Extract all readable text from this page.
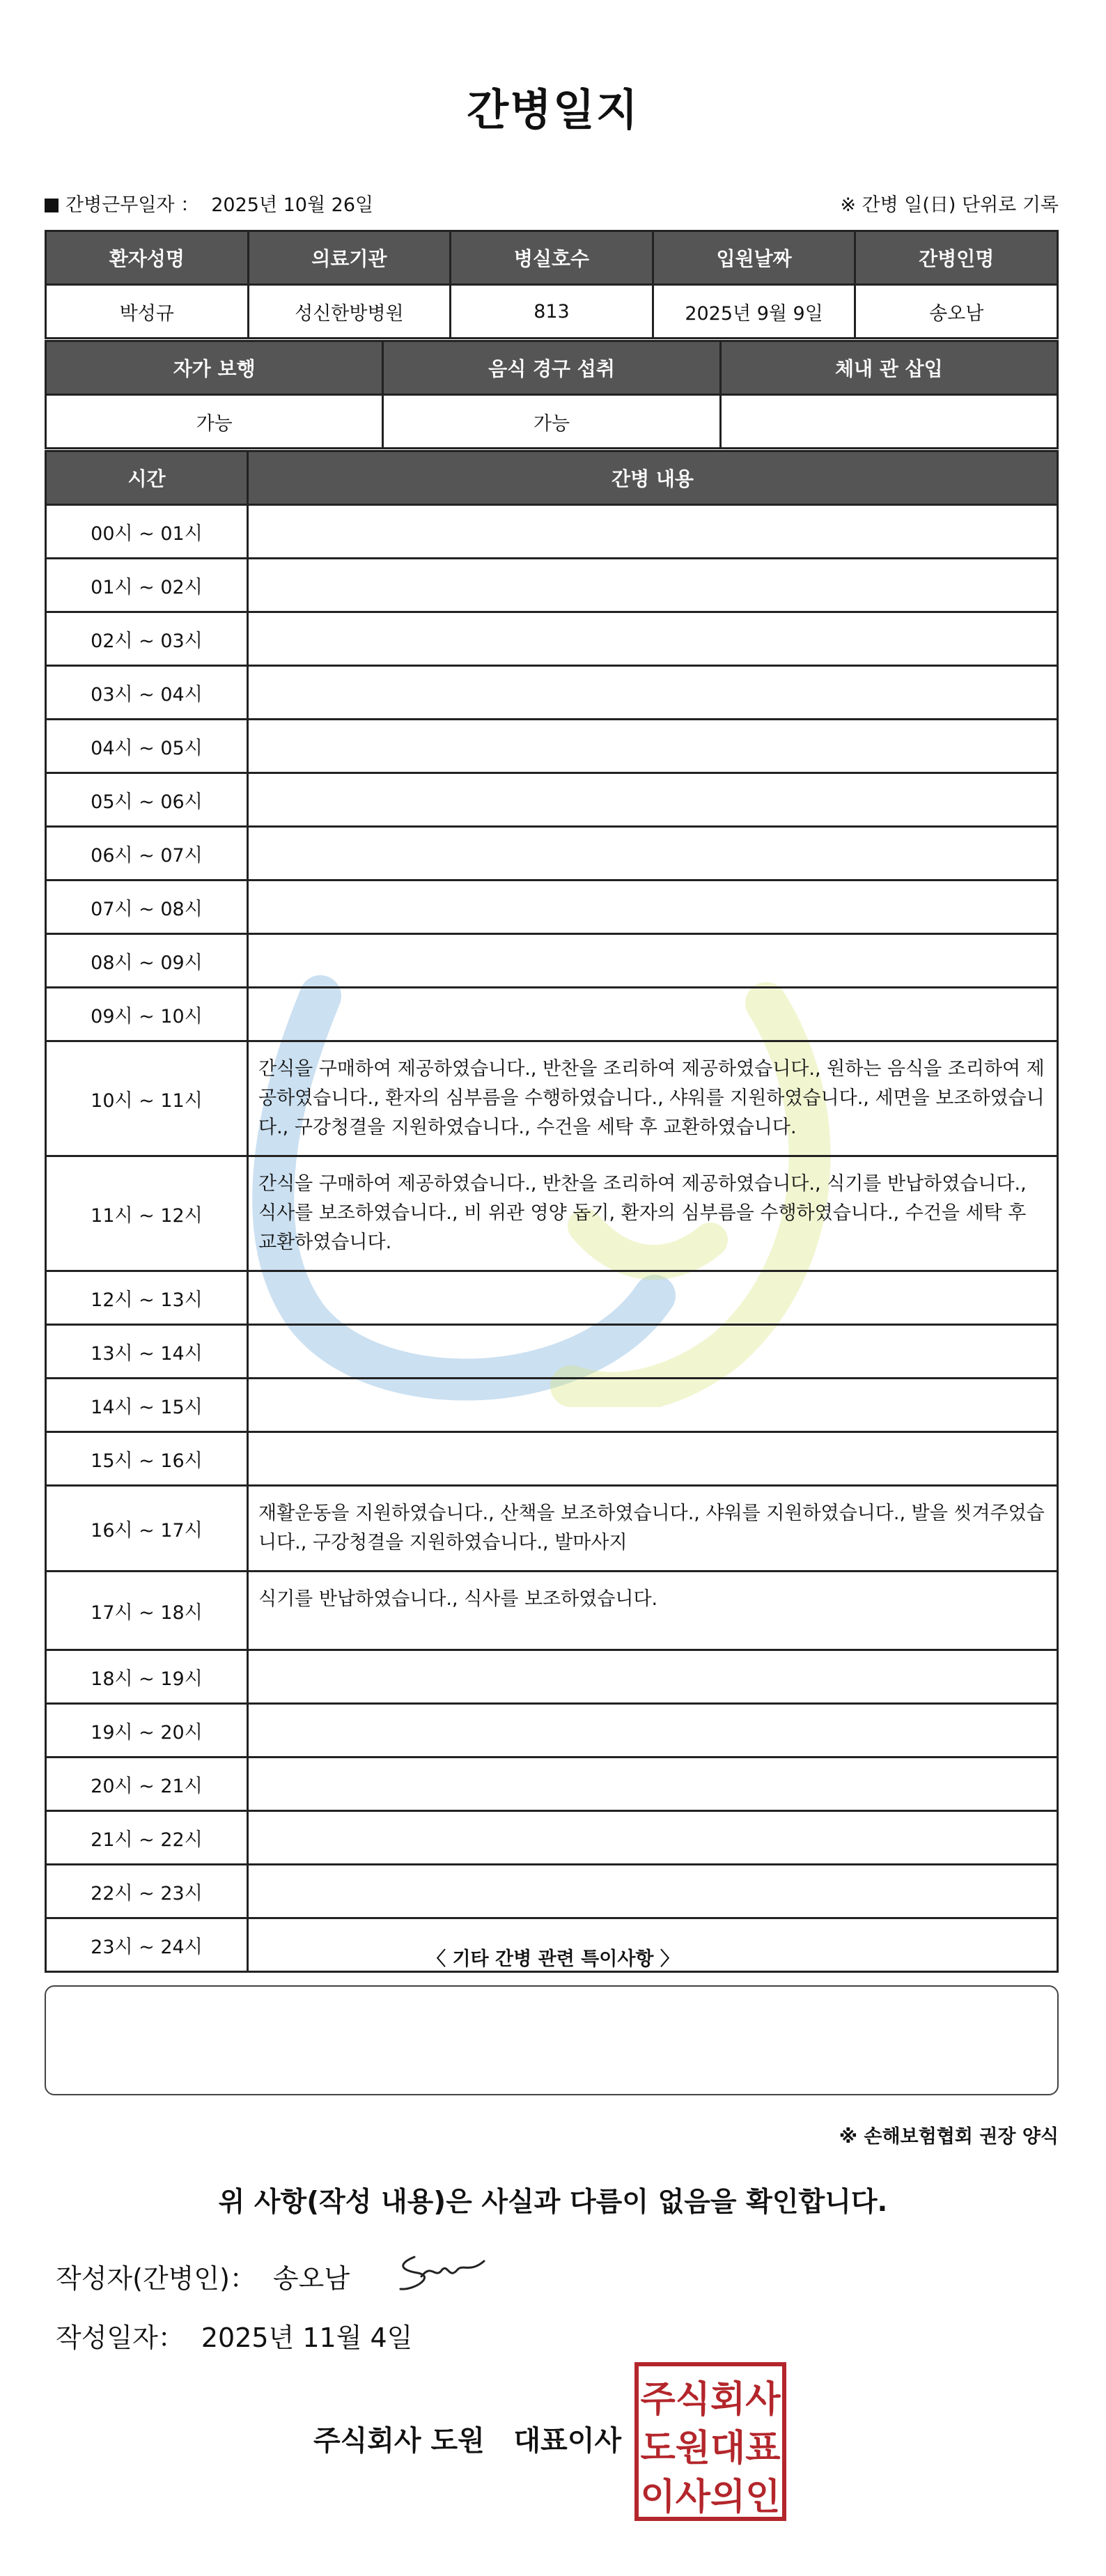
간병일지
간병근무일자 ： 2025년 10월 26일	※ 간병 일(日) 단위로 기록
환자성명	의료기관	병실호수	입원날짜	간병인명
박성규	성신한방병원	813	2025년 9월 9일	송오남
자가 보행	음식 경구 섭취	체내 관 삽입
가능	가능	
시간	간병 내용
00시 ~ 01시	
01시 ~ 02시	
02시 ~ 03시	
03시 ~ 04시	
04시 ~ 05시	
05시 ~ 06시	
06시 ~ 07시	
07시 ~ 08시	
08시 ~ 09시	
09시 ~ 10시	
10시 ~ 11시	간식을 구매하여 제공하였습니다., 반찬을 조리하여 제공하였습니다., 원하는 음식을 조리하여 제공하였습니다., 환자의 심부름을 수행하였습니다., 샤워를 지원하였습니다., 세면을 보조하였습니다., 구강청결을 지원하였습니다., 수건을 세탁 후 교환하였습니다.
11시 ~ 12시	간식을 구매하여 제공하였습니다., 반찬을 조리하여 제공하였습니다., 식기를 반납하였습니다., 식사를 보조하였습니다., 비 위관 영양 돕기, 환자의 심부름을 수행하였습니다., 수건을 세탁 후 교환하였습니다.
12시 ~ 13시	
13시 ~ 14시	
14시 ~ 15시	
15시 ~ 16시	
16시 ~ 17시	재활운동을 지원하였습니다., 산책을 보조하였습니다., 샤워를 지원하였습니다., 발을 씻겨주었습니다., 구강청결을 지원하였습니다., 발마사지
17시 ~ 18시	식기를 반납하였습니다., 식사를 보조하였습니다.
18시 ~ 19시	
19시 ~ 20시	
20시 ~ 21시	
21시 ~ 22시	
22시 ~ 23시	
23시 ~ 24시	
〈 기타 간병 관련 특이사항 〉
※ 손해보험협회 권장 양식
위 사항(작성 내용)은 사실과 다름이 없음을 확인합니다.
작성자(간병인)： 송오남
작성일자： 2025년 11월 4일
주식회사 도원   대표이사
주식회사
도원대표
이사의인
